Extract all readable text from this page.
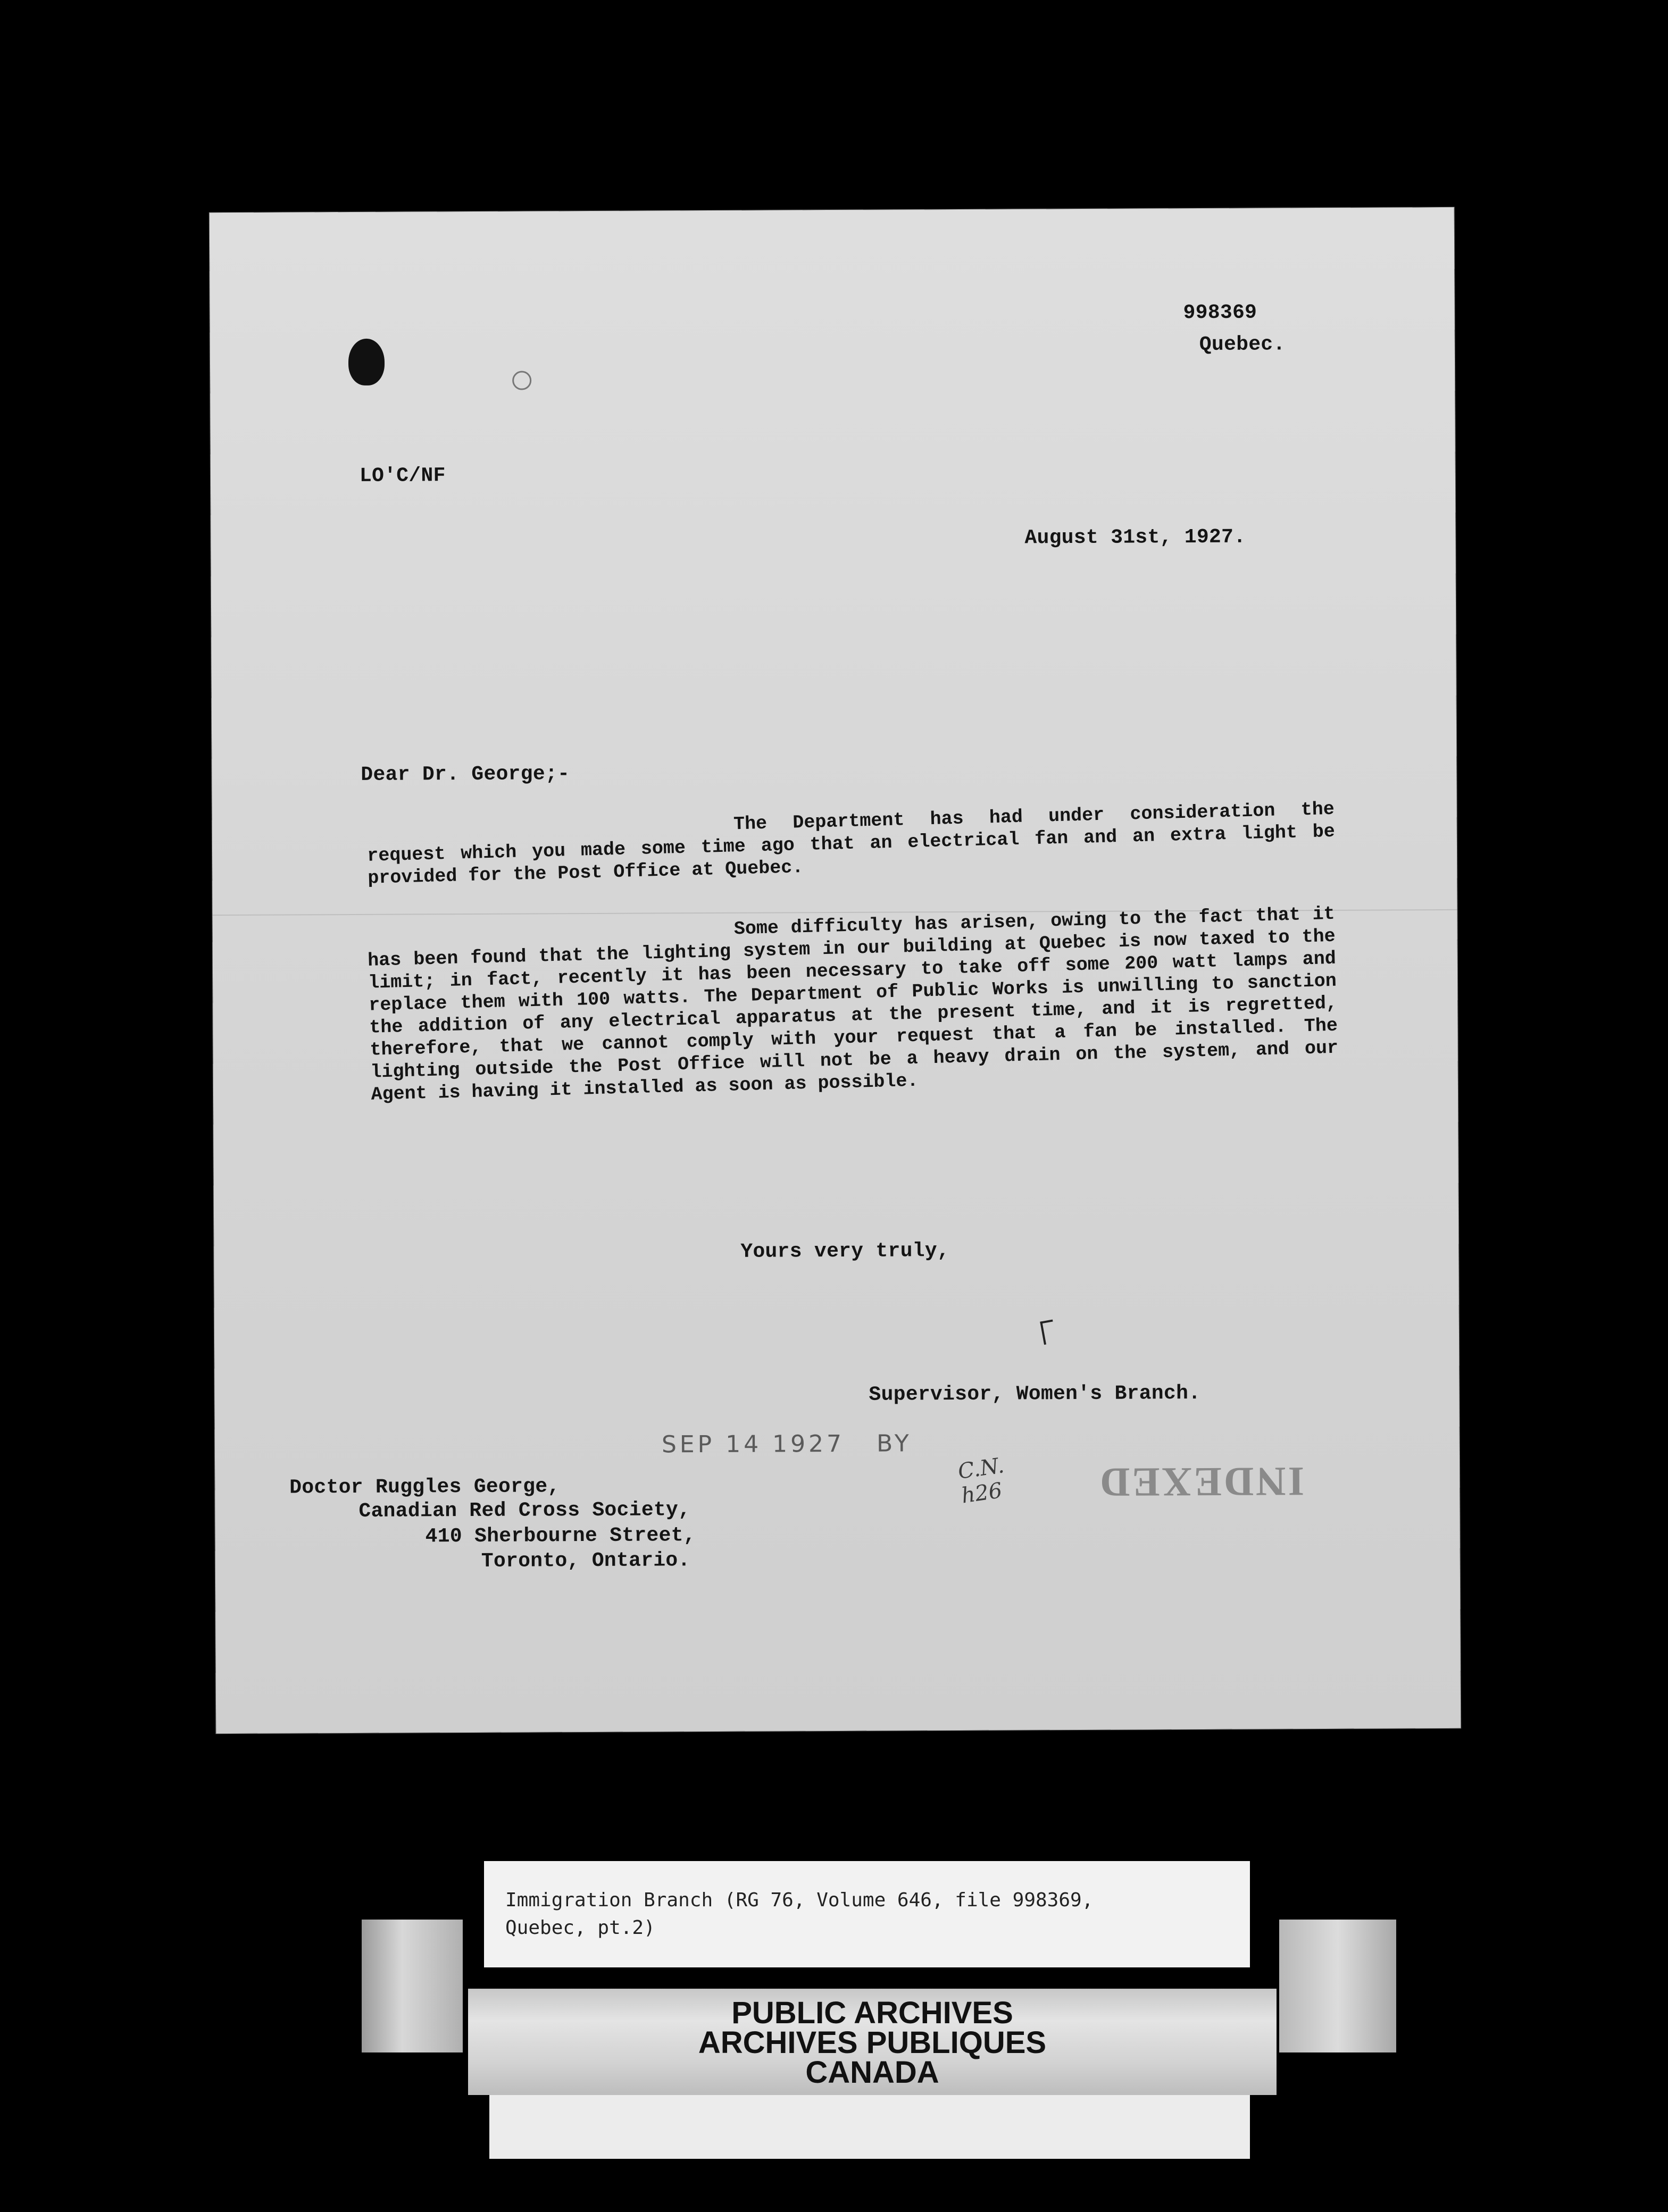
998369
Quebec.
LO'C/NF
August 31st, 1927.
Dear Dr. George;-
The Department has had under consideration the request which you made some time ago that an electrical fan and an extra light be provided for the Post Office at Quebec.
Some difficulty has arisen, owing to the fact that it has been found that the lighting system in our building at Quebec is now taxed to the limit; in fact, recently it has been necessary to take off some 200 watt lamps and replace them with 100 watts. The Department of Public Works is unwilling to sanction the addition of any electrical apparatus at the present time, and it is regretted, therefore, that we cannot comply with your request that a fan be installed. The lighting outside the Post Office will not be a heavy drain on the system, and our Agent is having it installed as soon as possible.
Yours very truly,
Supervisor, Women's Branch.
SEP 14 1927   BY
C.N.
h26 INDEXED
Doctor Ruggles George,
Canadian Red Cross Society,
410 Sherbourne Street,
Toronto, Ontario.
Immigration Branch (RG 76, Volume 646, file 998369,
Quebec, pt.2)
PUBLIC ARCHIVES
ARCHIVES PUBLIQUES
CANADA
